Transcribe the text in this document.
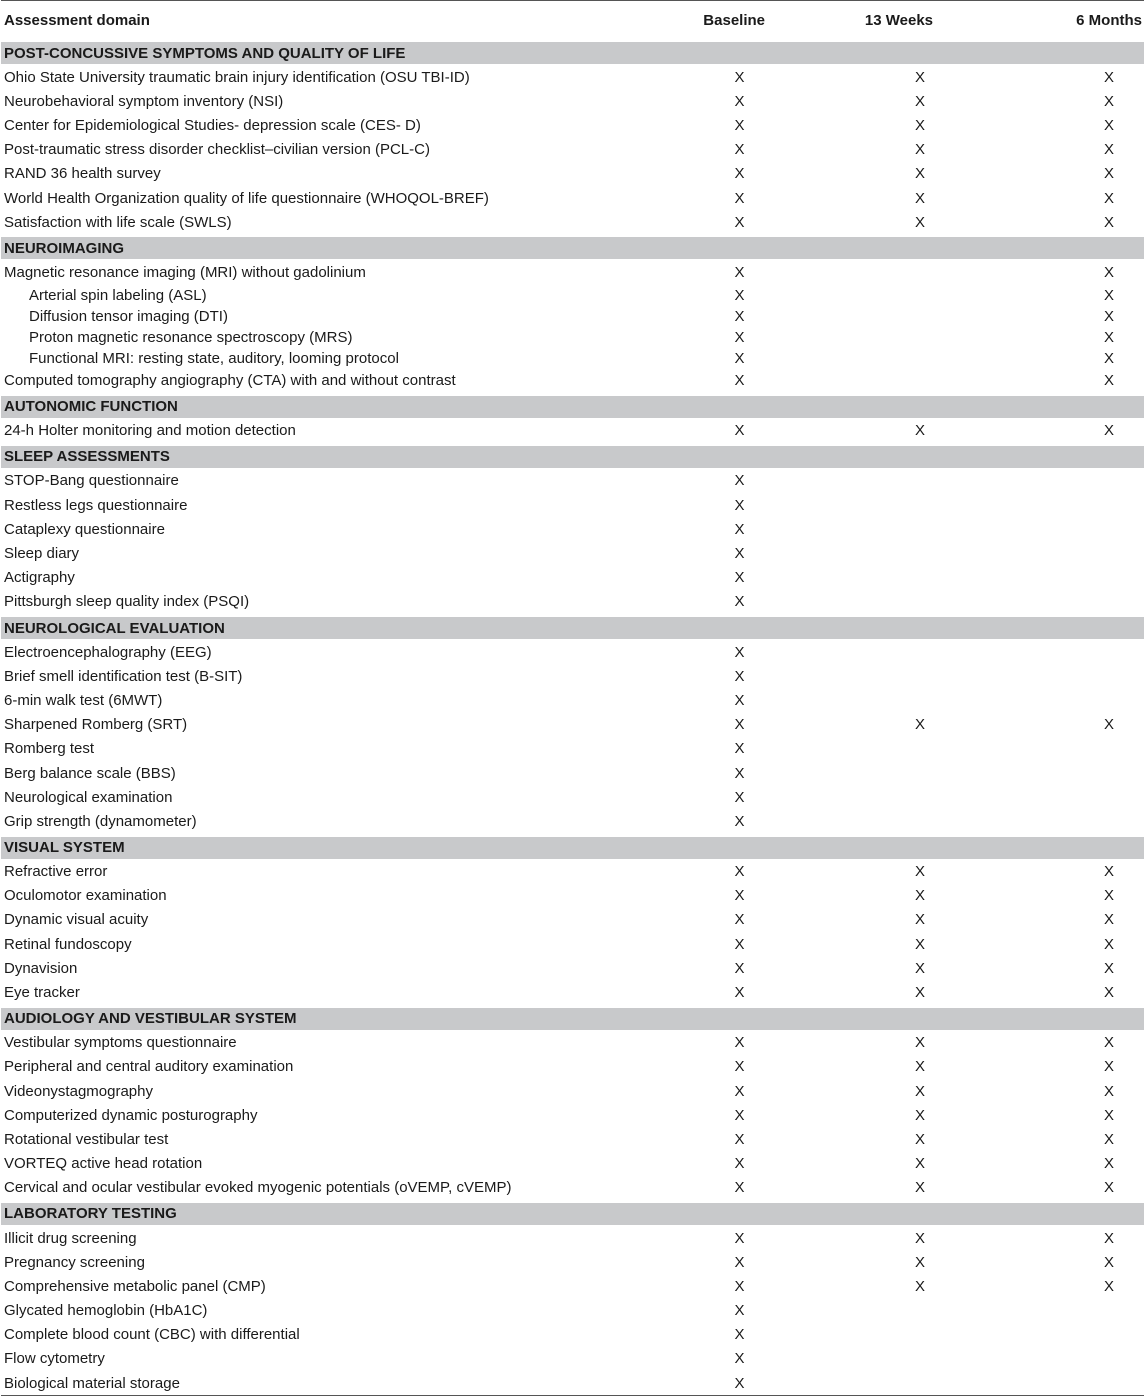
Assessment domain	Baseline	13 Weeks	6 Months
POST-CONCUSSIVE SYMPTOMS AND QUALITY OF LIFE			
Ohio State University traumatic brain injury identification (OSU TBI-ID)	X	X	X
Neurobehavioral symptom inventory (NSI)	X	X	X
Center for Epidemiological Studies- depression scale (CES- D)	X	X	X
Post-traumatic stress disorder checklist–civilian version (PCL-C)	X	X	X
RAND 36 health survey	X	X	X
World Health Organization quality of life questionnaire (WHOQOL-BREF)	X	X	X
Satisfaction with life scale (SWLS)	X	X	X
NEUROIMAGING			
Magnetic resonance imaging (MRI) without gadolinium	X		X
Arterial spin labeling (ASL)	X		X
Diffusion tensor imaging (DTI)	X		X
Proton magnetic resonance spectroscopy (MRS)	X		X
Functional MRI: resting state, auditory, looming protocol	X		X
Computed tomography angiography (CTA) with and without contrast	X		X
AUTONOMIC FUNCTION			
24-h Holter monitoring and motion detection	X	X	X
SLEEP ASSESSMENTS			
STOP-Bang questionnaire	X		
Restless legs questionnaire	X		
Cataplexy questionnaire	X		
Sleep diary	X		
Actigraphy	X		
Pittsburgh sleep quality index (PSQI)	X		
NEUROLOGICAL EVALUATION			
Electroencephalography (EEG)	X		
Brief smell identification test (B-SIT)	X		
6-min walk test (6MWT)	X		
Sharpened Romberg (SRT)	X	X	X
Romberg test	X		
Berg balance scale (BBS)	X		
Neurological examination	X		
Grip strength (dynamometer)	X		
VISUAL SYSTEM			
Refractive error	X	X	X
Oculomotor examination	X	X	X
Dynamic visual acuity	X	X	X
Retinal fundoscopy	X	X	X
Dynavision	X	X	X
Eye tracker	X	X	X
AUDIOLOGY AND VESTIBULAR SYSTEM			
Vestibular symptoms questionnaire	X	X	X
Peripheral and central auditory examination	X	X	X
Videonystagmography	X	X	X
Computerized dynamic posturography	X	X	X
Rotational vestibular test	X	X	X
VORTEQ active head rotation	X	X	X
Cervical and ocular vestibular evoked myogenic potentials (oVEMP, cVEMP)	X	X	X
LABORATORY TESTING			
Illicit drug screening	X	X	X
Pregnancy screening	X	X	X
Comprehensive metabolic panel (CMP)	X	X	X
Glycated hemoglobin (HbA1C)	X		
Complete blood count (CBC) with differential	X		
Flow cytometry	X		
Biological material storage	X		
